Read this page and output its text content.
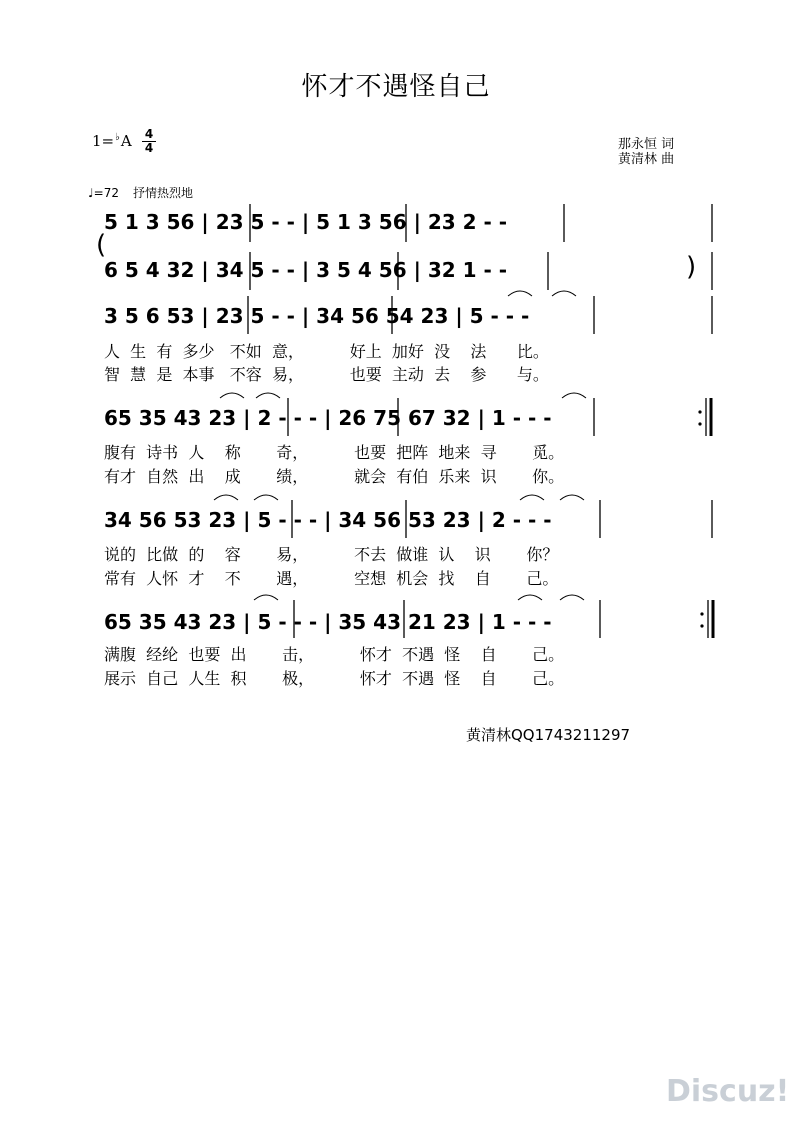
怀才不遇怪自己
1=♭A 4
4	那永恒 词
黄清林 曲
♩=72 抒情热烈地

(

5 1 3 56 | 23 5 - - | 5 1 3 56 | 23 2 - -
6 5 4 32 | 34 5 - - | 3 5 4 56 | 32 1 - -	)
3 5 6 53 | 23 5 - - | 34 56 54 23 | 5 - - -
人  生  有  多少   不如  意，         好上  加好  没    法      比。
智  慧  是  本事   不容  易，         也要  主动  去    参      与。
65 35 43 23 | 2 - - - | 26 75 67 32 | 1 - - -
腹有  诗书  人    称       奇，         也要  把阵  地来  寻       觅。
有才  自然  出    成       绩，         就会  有伯  乐来  识       你。
34 56 53 23 | 5 - - - | 34 56 53 23 | 2 - - -
说的  比做  的    容       易，         不去  做谁  认    识       你？
常有  人怀  才    不       遇，         空想  机会  找    自       己。
65 35 43 23 | 5 - - - | 35 43 21 23 | 1 - - -
满腹  经纶  也要  出       击，         怀才  不遇  怪    自       己。
展示  自己  人生  积       极，         怀才  不遇  怪    自       己。
黄清林QQ1743211297
Discuz!
